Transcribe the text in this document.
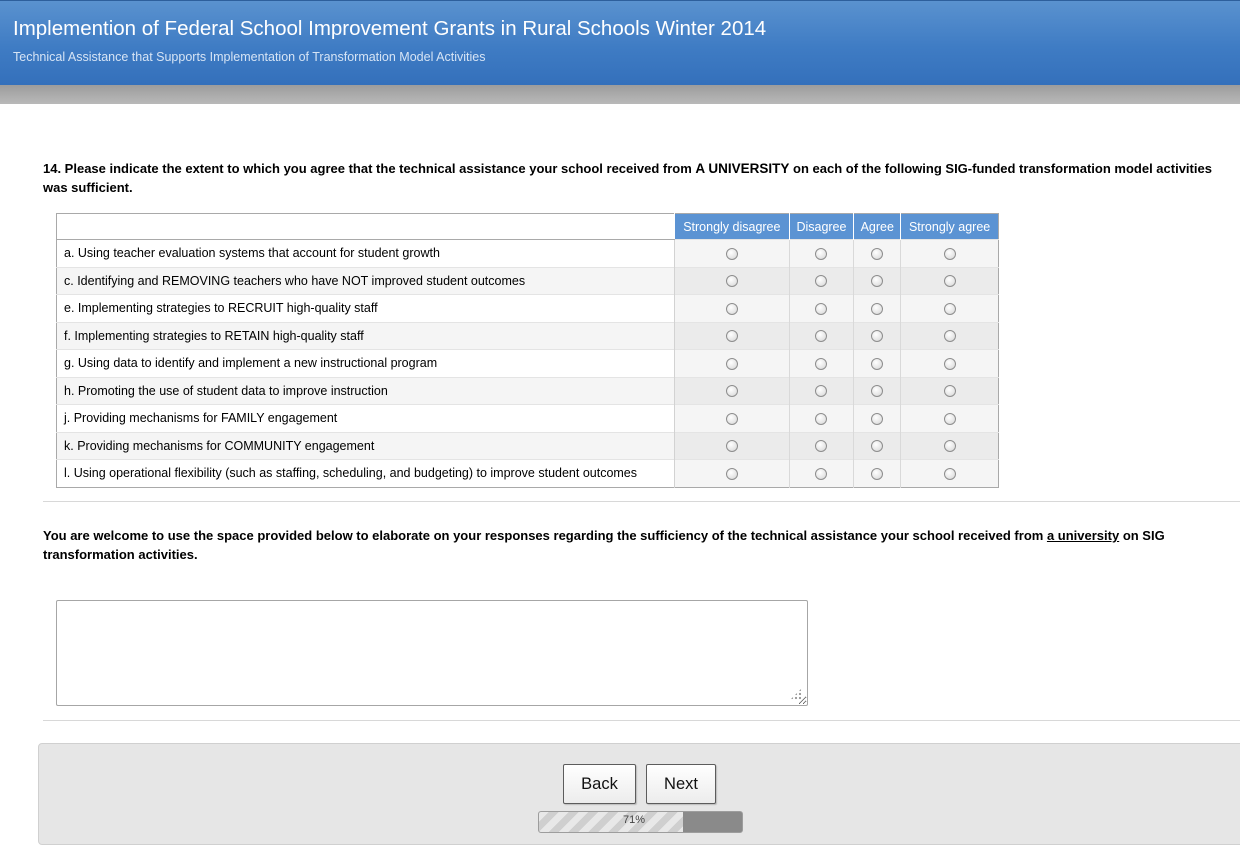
Implemention of Federal School Improvement Grants in Rural Schools Winter 2014
Technical Assistance that Supports Implementation of Transformation Model Activities
14. Please indicate the extent to which you agree that the technical assistance your school received from A UNIVERSITY on each of the following SIG-funded transformation model activities was sufficient.
	Strongly disagree	Disagree	Agree	Strongly agree
a. Using teacher evaluation systems that account for student growth				
c. Identifying and REMOVING teachers who have NOT improved student outcomes				
e. Implementing strategies to RECRUIT high-quality staff				
f. Implementing strategies to RETAIN high-quality staff				
g. Using data to identify and implement a new instructional program				
h. Promoting the use of student data to improve instruction				
j. Providing mechanisms for FAMILY engagement				
k. Providing mechanisms for COMMUNITY engagement				
l. Using operational flexibility (such as staffing, scheduling, and budgeting) to improve student outcomes				
You are welcome to use the space provided below to elaborate on your responses regarding the sufficiency of the technical assistance your school received from a university on SIG transformation activities.
Back	Next
71%
